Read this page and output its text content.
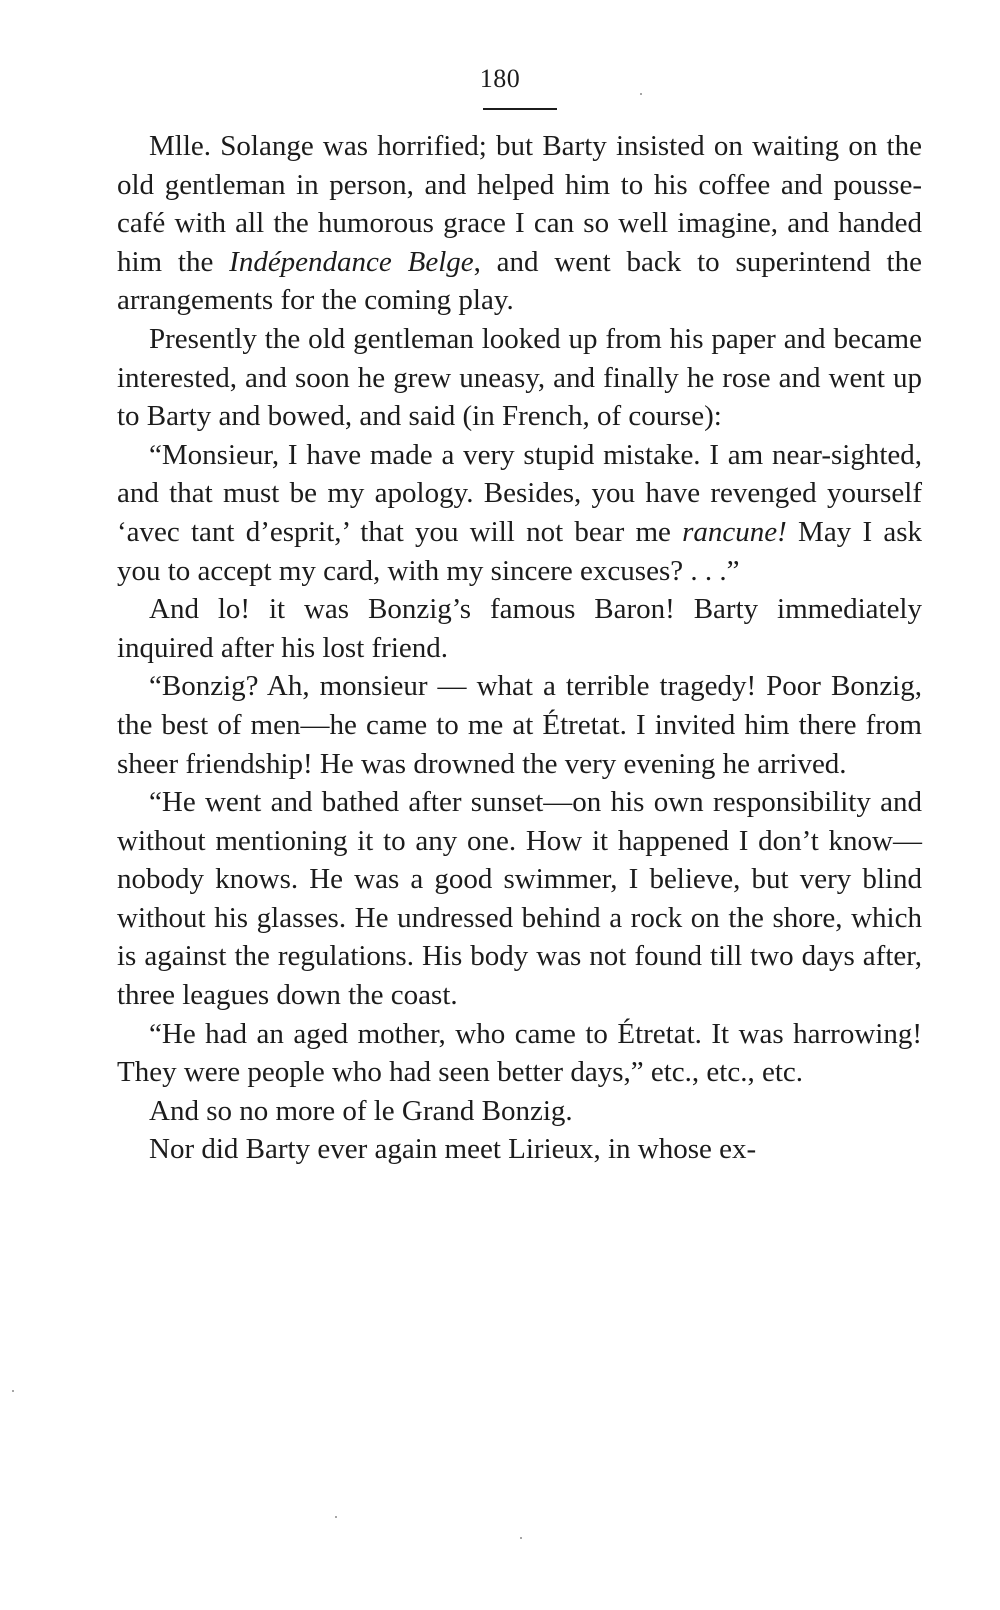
180

Mlle. Solange was horrified; but Barty insisted on waiting on the old gentleman in person, and helped him to his coffee and pousse-café with all the humorous grace I can so well imagine, and handed him the Indépendance Belge, and went back to superintend the arrangements for the coming play.

Presently the old gentleman looked up from his paper and became interested, and soon he grew uneasy, and finally he rose and went up to Barty and bowed, and said (in French, of course):

“Monsieur, I have made a very stupid mistake. I am near-sighted, and that must be my apology. Besides, you have revenged yourself ‘avec tant d’esprit,’ that you will not bear me rancune! May I ask you to accept my card, with my sincere excuses? . . .”

And lo! it was Bonzig’s famous Baron! Barty immediately inquired after his lost friend.

“Bonzig? Ah, monsieur — what a terrible tragedy! Poor Bonzig, the best of men—he came to me at Étretat. I invited him there from sheer friendship! He was drowned the very evening he arrived.

“He went and bathed after sunset—on his own responsibility and without mentioning it to any one. How it happened I don’t know—nobody knows. He was a good swimmer, I believe, but very blind without his glasses. He undressed behind a rock on the shore, which is against the regulations. His body was not found till two days after, three leagues down the coast.

“He had an aged mother, who came to Étretat. It was harrowing! They were people who had seen better days,” etc., etc., etc.

And so no more of le Grand Bonzig.

Nor did Barty ever again meet Lirieux, in whose ex-
